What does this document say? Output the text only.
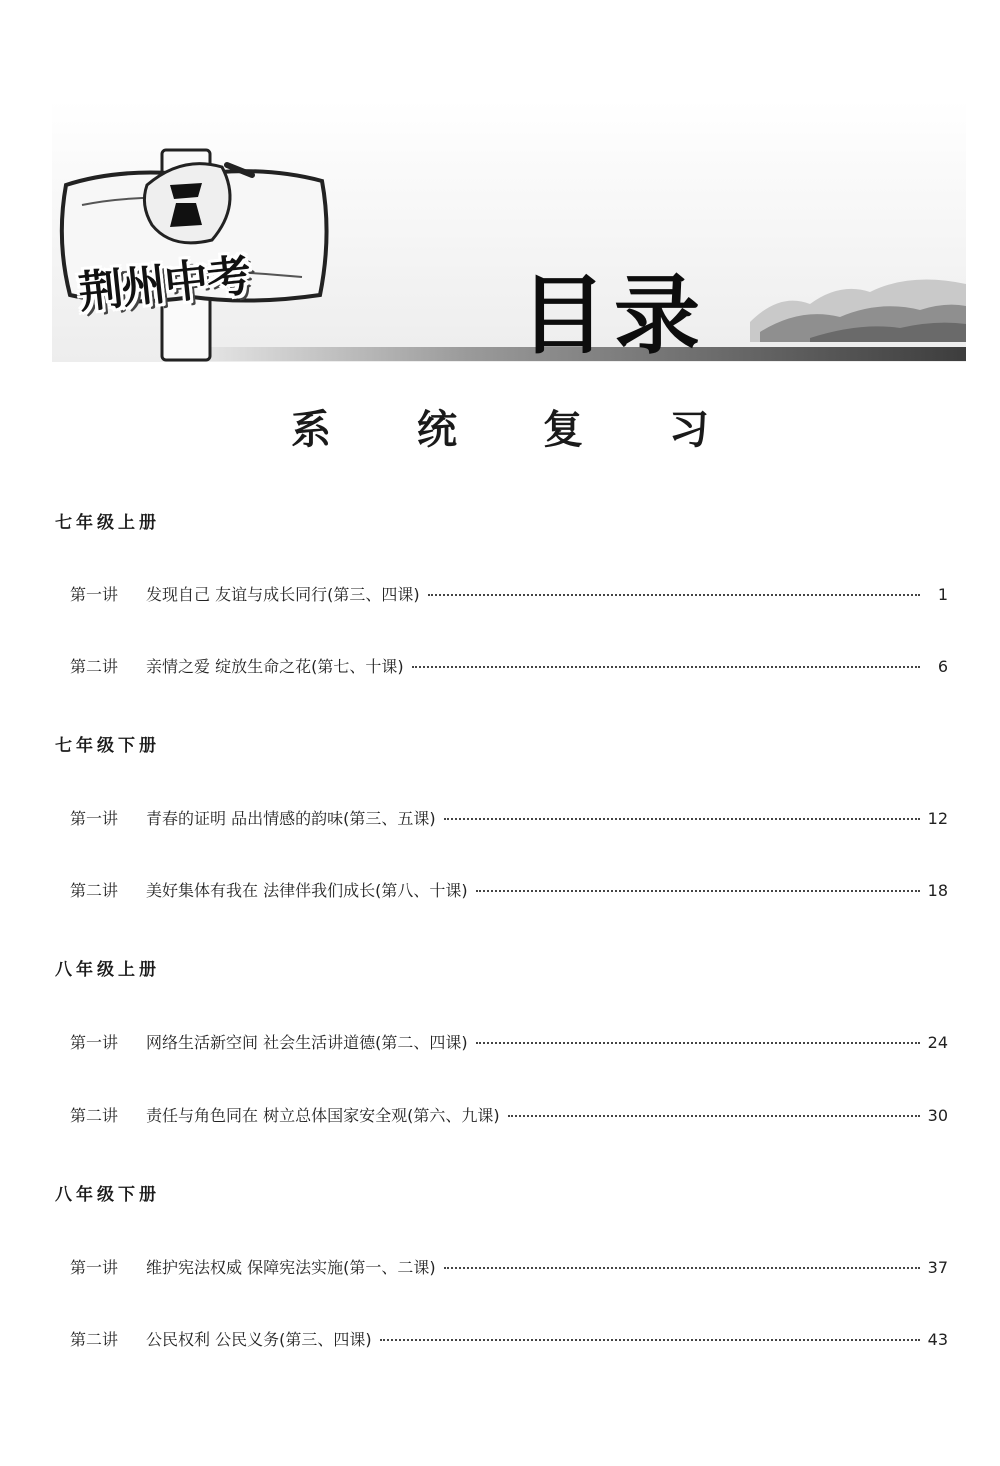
荆州中考	目录
系统复习
七年级上册
第一讲	发现自己 友谊与成长同行(第三、四课)	1
第二讲	亲情之爱 绽放生命之花(第七、十课)	6
七年级下册
第一讲	青春的证明 品出情感的韵味(第三、五课)	12
第二讲	美好集体有我在 法律伴我们成长(第八、十课)	18
八年级上册
第一讲	网络生活新空间 社会生活讲道德(第二、四课)	24
第二讲	责任与角色同在 树立总体国家安全观(第六、九课)	30
八年级下册
第一讲	维护宪法权威 保障宪法实施(第一、二课)	37
第二讲	公民权利 公民义务(第三、四课)	43
